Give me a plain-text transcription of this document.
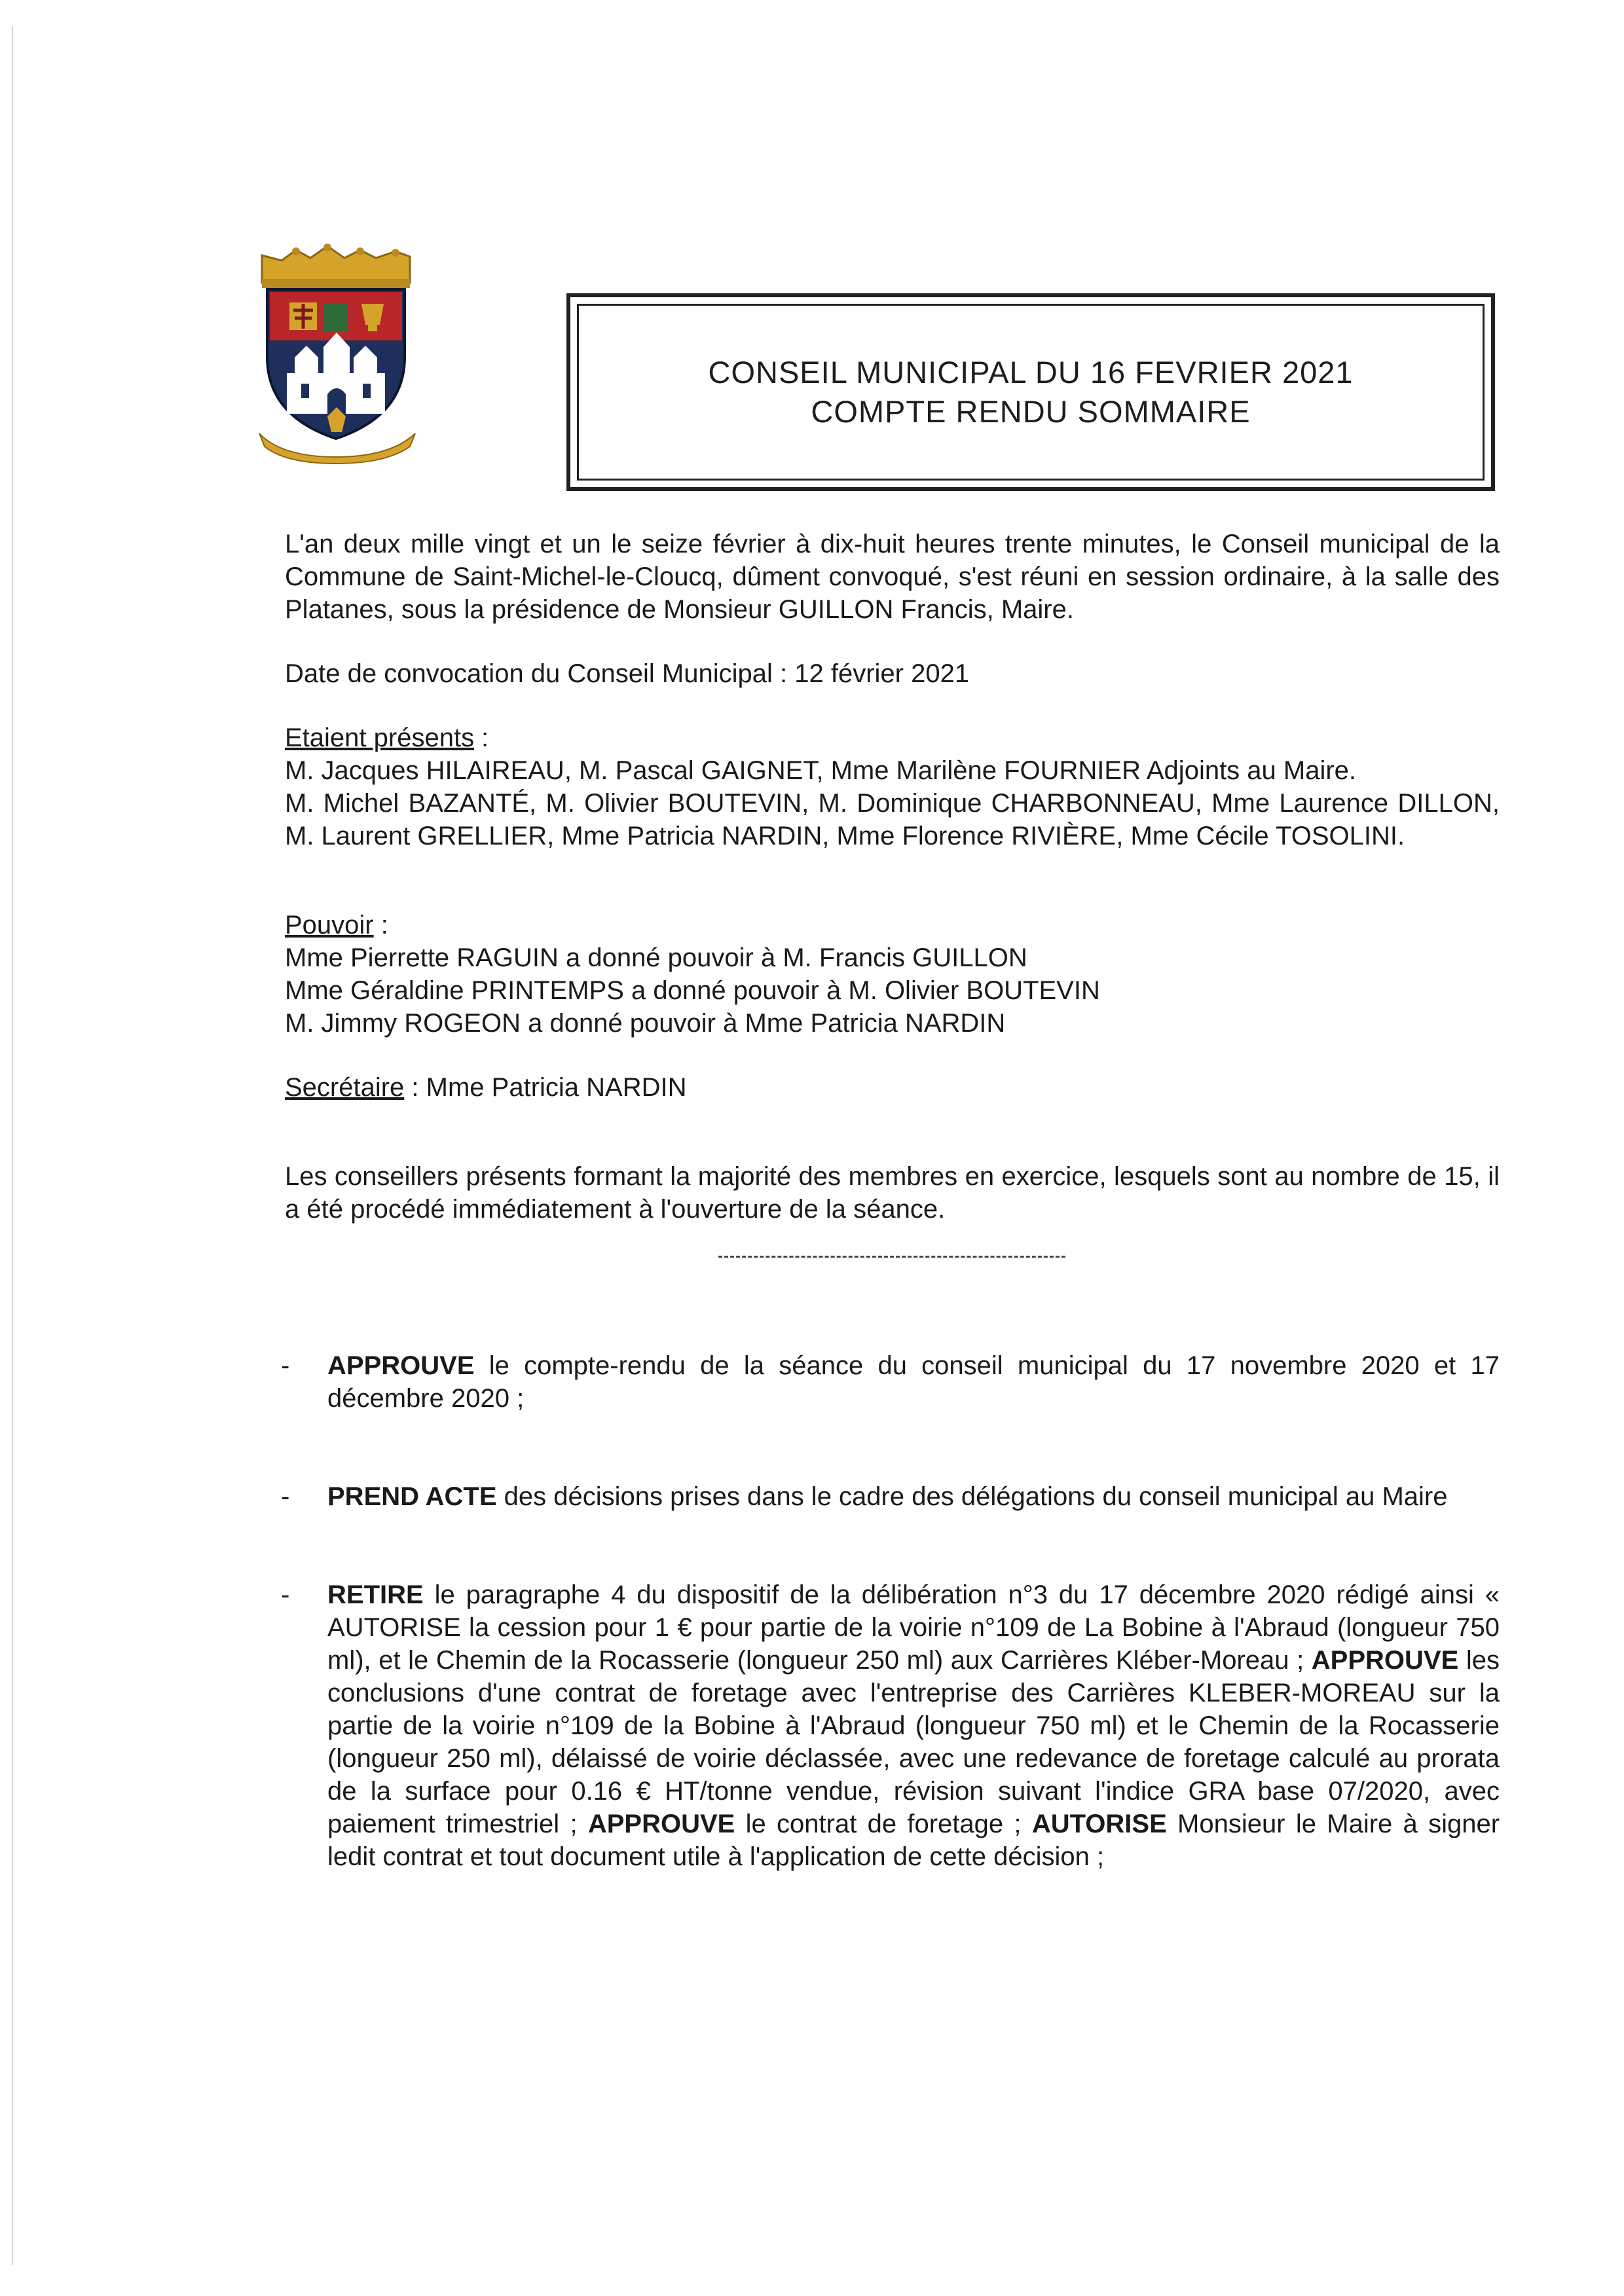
CONSEIL MUNICIPAL DU 16 FEVRIER 2021
COMPTE RENDU SOMMAIRE

L'an deux mille vingt et un le seize février à dix-huit heures trente minutes, le Conseil municipal de la Commune de Saint-Michel-le-Cloucq, dûment convoqué, s'est réuni en session ordinaire, à la salle des Platanes, sous la présidence de Monsieur GUILLON Francis, Maire.

Date de convocation du Conseil Municipal : 12 février 2021

Etaient présents :
M. Jacques HILAIREAU, M. Pascal GAIGNET, Mme Marilène FOURNIER Adjoints au Maire.

M. Michel BAZANTÉ, M. Olivier BOUTEVIN, M. Dominique CHARBONNEAU, Mme Laurence DILLON, M. Laurent GRELLIER, Mme Patricia NARDIN, Mme Florence RIVIÈRE, Mme Cécile TOSOLINI.

Pouvoir :
Mme Pierrette RAGUIN a donné pouvoir à M. Francis GUILLON
Mme Géraldine PRINTEMPS a donné pouvoir à M. Olivier BOUTEVIN
M. Jimmy ROGEON a donné pouvoir à Mme Patricia NARDIN
Secrétaire : Mme Patricia NARDIN

Les conseillers présents formant la majorité des membres en exercice, lesquels sont au nombre de 15, il a été procédé immédiatement à l'ouverture de la séance.

- APPROUVE le compte-rendu de la séance du conseil municipal du 17 novembre 2020 et 17 décembre 2020 ;
- PREND ACTE des décisions prises dans le cadre des délégations du conseil municipal au Maire
- RETIRE le paragraphe 4 du dispositif de la délibération n°3 du 17 décembre 2020 rédigé ainsi « AUTORISE la cession pour 1 € pour partie de la voirie n°109 de La Bobine à l'Abraud (longueur 750 ml), et le Chemin de la Rocasserie (longueur 250 ml) aux Carrières Kléber-Moreau ; APPROUVE les conclusions d'une contrat de foretage avec l'entreprise des Carrières KLEBER-MOREAU sur la partie de la voirie n°109 de la Bobine à l'Abraud (longueur 750 ml) et le Chemin de la Rocasserie (longueur 250 ml), délaissé de voirie déclassée, avec une redevance de foretage calculé au prorata de la surface pour 0.16 € HT/tonne vendue, révision suivant l'indice GRA base 07/2020, avec paiement trimestriel ; APPROUVE le contrat de foretage ; AUTORISE Monsieur le Maire à signer ledit contrat et tout document utile à l'application de cette décision ;
